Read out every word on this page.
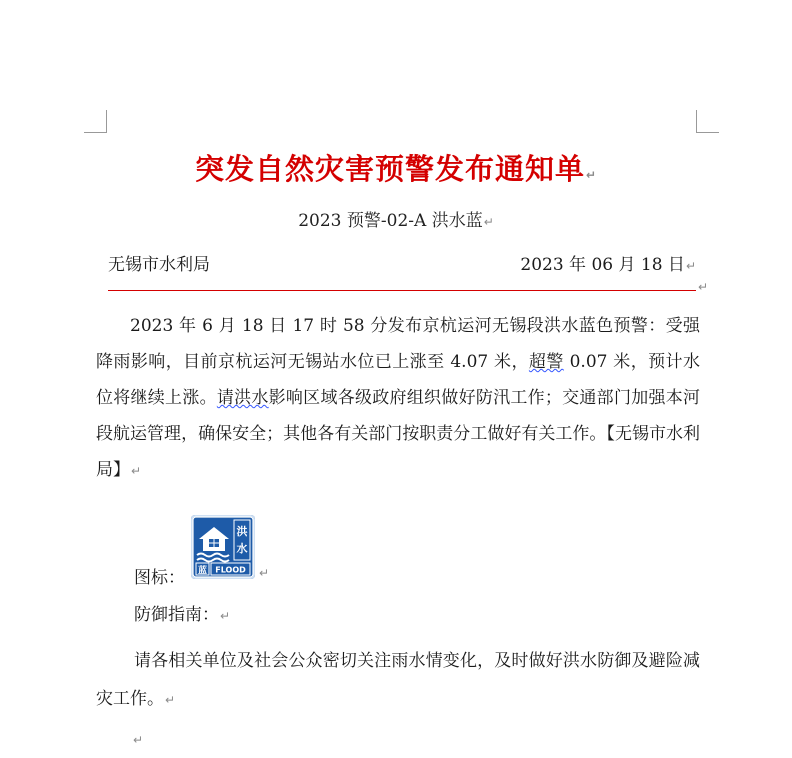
突发自然灾害预警发布通知单↵
2023 预警-02-A 洪水蓝↵
无锡市水利局	2023 年 06 月 18 日↵
↵

2023 年 6 月 18 日 17 时 58 分发布京杭运河无锡段洪水蓝色预警：受强降雨影响，目前京杭运河无锡站水位已上涨至 4.07 米，超警 0.07 米，预计水位将继续上涨。请洪水影响区域各级政府组织做好防汛工作；交通部门加强本河段航运管理，确保安全；其他各有关部门按职责分工做好有关工作。【无锡市水利局】↵

图标：
洪
水
蓝 FLOOD ↵
防御指南：↵

请各相关单位及社会公众密切关注雨水情变化，及时做好洪水防御及避险减灾工作。↵

↵
